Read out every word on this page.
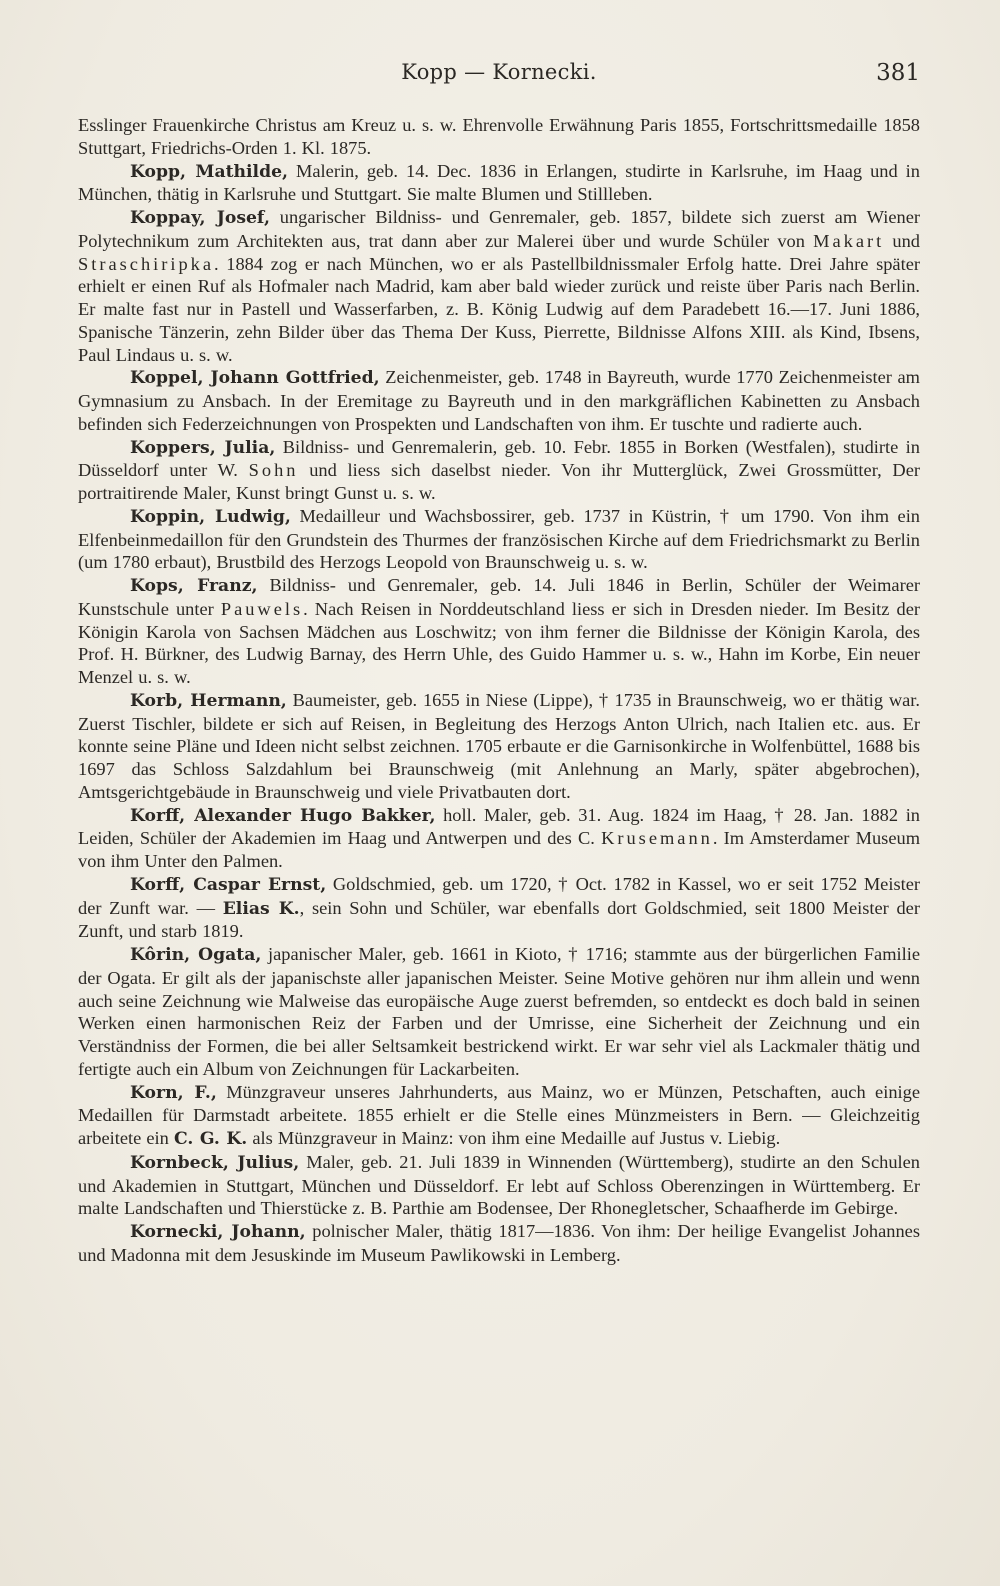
Kopp — Kornecki.	381

Esslinger Frauenkirche Christus am Kreuz u. s. w. Ehrenvolle Erwähnung Paris 1855, Fortschrittsmedaille 1858 Stuttgart, Friedrichs-Orden 1. Kl. 1875.

Kopp, Mathilde, Malerin, geb. 14. Dec. 1836 in Erlangen, studirte in Karlsruhe, im Haag und in München, thätig in Karlsruhe und Stuttgart. Sie malte Blumen und Stillleben.

Koppay, Josef, ungarischer Bildniss- und Genremaler, geb. 1857, bildete sich zuerst am Wiener Polytechnikum zum Architekten aus, trat dann aber zur Malerei über und wurde Schüler von Makart und Straschiripka. 1884 zog er nach München, wo er als Pastellbildnissmaler Erfolg hatte. Drei Jahre später erhielt er einen Ruf als Hofmaler nach Madrid, kam aber bald wieder zurück und reiste über Paris nach Berlin. Er malte fast nur in Pastell und Wasserfarben, z. B. König Ludwig auf dem Paradebett 16.—17. Juni 1886, Spanische Tänzerin, zehn Bilder über das Thema Der Kuss, Pierrette, Bildnisse Alfons XIII. als Kind, Ibsens, Paul Lindaus u. s. w.

Koppel, Johann Gottfried, Zeichenmeister, geb. 1748 in Bayreuth, wurde 1770 Zeichenmeister am Gymnasium zu Ansbach. In der Eremitage zu Bayreuth und in den markgräflichen Kabinetten zu Ansbach befinden sich Federzeichnungen von Prospekten und Landschaften von ihm. Er tuschte und radierte auch.

Koppers, Julia, Bildniss- und Genremalerin, geb. 10. Febr. 1855 in Borken (Westfalen), studirte in Düsseldorf unter W. Sohn und liess sich daselbst nieder. Von ihr Mutterglück, Zwei Grossmütter, Der portraitirende Maler, Kunst bringt Gunst u. s. w.

Koppin, Ludwig, Medailleur und Wachsbossirer, geb. 1737 in Küstrin, † um 1790. Von ihm ein Elfenbeinmedaillon für den Grundstein des Thurmes der französischen Kirche auf dem Friedrichsmarkt zu Berlin (um 1780 erbaut), Brustbild des Herzogs Leopold von Braunschweig u. s. w.

Kops, Franz, Bildniss- und Genremaler, geb. 14. Juli 1846 in Berlin, Schüler der Weimarer Kunstschule unter Pauwels. Nach Reisen in Norddeutschland liess er sich in Dresden nieder. Im Besitz der Königin Karola von Sachsen Mädchen aus Loschwitz; von ihm ferner die Bildnisse der Königin Karola, des Prof. H. Bürkner, des Ludwig Barnay, des Herrn Uhle, des Guido Hammer u. s. w., Hahn im Korbe, Ein neuer Menzel u. s. w.

Korb, Hermann, Baumeister, geb. 1655 in Niese (Lippe), † 1735 in Braunschweig, wo er thätig war. Zuerst Tischler, bildete er sich auf Reisen, in Begleitung des Herzogs Anton Ulrich, nach Italien etc. aus. Er konnte seine Pläne und Ideen nicht selbst zeichnen. 1705 erbaute er die Garnisonkirche in Wolfenbüttel, 1688 bis 1697 das Schloss Salzdahlum bei Braunschweig (mit Anlehnung an Marly, später abgebrochen), Amtsgerichtgebäude in Braunschweig und viele Privatbauten dort.

Korff, Alexander Hugo Bakker, holl. Maler, geb. 31. Aug. 1824 im Haag, † 28. Jan. 1882 in Leiden, Schüler der Akademien im Haag und Antwerpen und des C. Krusemann. Im Amsterdamer Museum von ihm Unter den Palmen.

Korff, Caspar Ernst, Goldschmied, geb. um 1720, † Oct. 1782 in Kassel, wo er seit 1752 Meister der Zunft war. — Elias K., sein Sohn und Schüler, war ebenfalls dort Goldschmied, seit 1800 Meister der Zunft, und starb 1819.

Kôrin, Ogata, japanischer Maler, geb. 1661 in Kioto, † 1716; stammte aus der bürgerlichen Familie der Ogata. Er gilt als der japanischste aller japanischen Meister. Seine Motive gehören nur ihm allein und wenn auch seine Zeichnung wie Malweise das europäische Auge zuerst befremden, so entdeckt es doch bald in seinen Werken einen harmonischen Reiz der Farben und der Umrisse, eine Sicherheit der Zeichnung und ein Verständniss der Formen, die bei aller Seltsamkeit bestrickend wirkt. Er war sehr viel als Lackmaler thätig und fertigte auch ein Album von Zeichnungen für Lackarbeiten.

Korn, F., Münzgraveur unseres Jahrhunderts, aus Mainz, wo er Münzen, Petschaften, auch einige Medaillen für Darmstadt arbeitete. 1855 erhielt er die Stelle eines Münzmeisters in Bern. — Gleichzeitig arbeitete ein C. G. K. als Münzgraveur in Mainz: von ihm eine Medaille auf Justus v. Liebig.

Kornbeck, Julius, Maler, geb. 21. Juli 1839 in Winnenden (Württemberg), studirte an den Schulen und Akademien in Stuttgart, München und Düsseldorf. Er lebt auf Schloss Oberenzingen in Württemberg. Er malte Landschaften und Thierstücke z. B. Parthie am Bodensee, Der Rhonegletscher, Schaafherde im Gebirge.

Kornecki, Johann, polnischer Maler, thätig 1817—1836. Von ihm: Der heilige Evangelist Johannes und Madonna mit dem Jesuskinde im Museum Pawlikowski in Lemberg.
